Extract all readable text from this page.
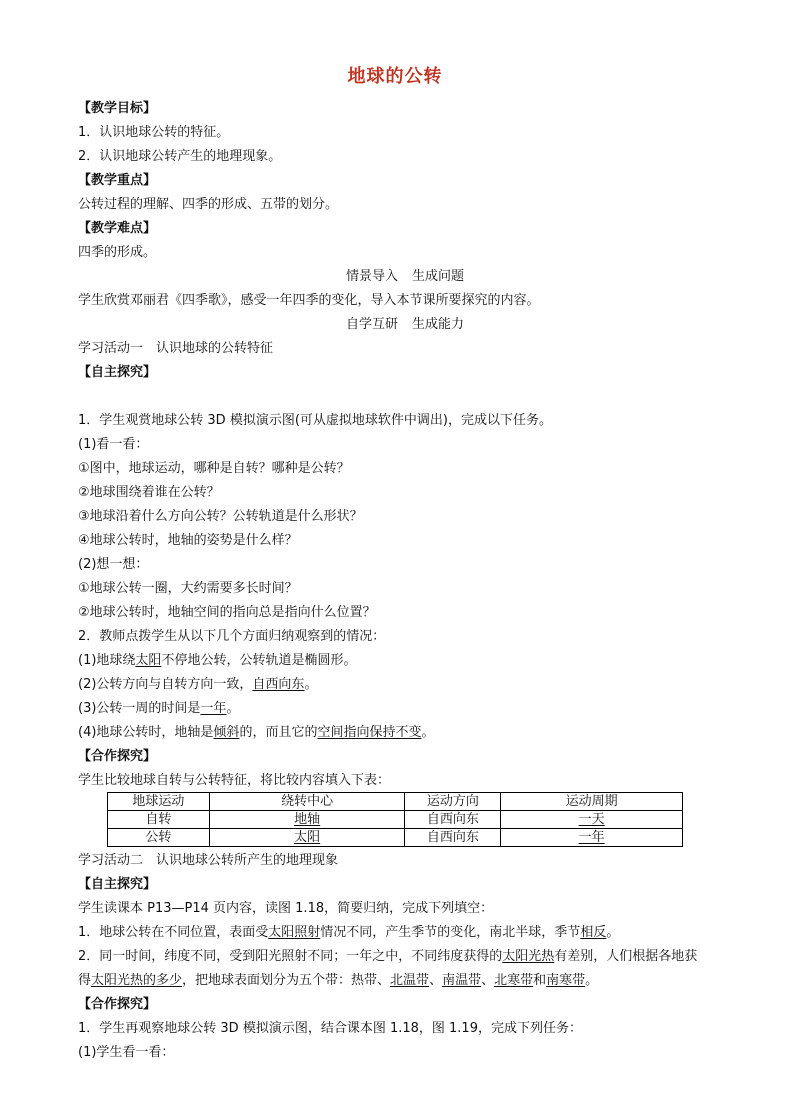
地球的公转
【教学目标】
1．认识地球公转的特征。
2．认识地球公转产生的地理现象。
【教学重点】
公转过程的理解、四季的形成、五带的划分。
【教学难点】
四季的形成。
情景导入 生成问题
学生欣赏邓丽君《四季歌》，感受一年四季的变化，导入本节课所要探究的内容。
自学互研 生成能力
学习活动一　认识地球的公转特征
【自主探究】
1．学生观赏地球公转 3D 模拟演示图(可从虚拟地球软件中调出)，完成以下任务。
(1)看一看：
①图中，地球运动，哪种是自转？哪种是公转？
②地球围绕着谁在公转？
③地球沿着什么方向公转？公转轨道是什么形状？
④地球公转时，地轴的姿势是什么样？
(2)想一想：
①地球公转一圈，大约需要多长时间？
②地球公转时，地轴空间的指向总是指向什么位置？
2．教师点拨学生从以下几个方面归纳观察到的情况：
(1)地球绕太阳不停地公转，公转轨道是椭圆形。
(2)公转方向与自转方向一致，自西向东。
(3)公转一周的时间是一年。
(4)地球公转时，地轴是倾斜的，而且它的空间指向保持不变。
【合作探究】
学生比较地球自转与公转特征，将比较内容填入下表：
地球运动	绕转中心	运动方向	运动周期
自转	地轴	自西向东	一天
公转	太阳	自西向东	一年
学习活动二　认识地球公转所产生的地理现象
【自主探究】
学生读课本 P13—P14 页内容，读图 1.18，简要归纳，完成下列填空：
1．地球公转在不同位置，表面受太阳照射情况不同，产生季节的变化，南北半球，季节相反。
2．同一时间，纬度不同，受到阳光照射不同；一年之中，不同纬度获得的太阳光热有差别，人们根据各地获
得太阳光热的多少，把地球表面划分为五个带：热带、北温带、南温带、北寒带和南寒带。
【合作探究】
1．学生再观察地球公转 3D 模拟演示图，结合课本图 1.18，图 1.19，完成下列任务：
(1)学生看一看：
